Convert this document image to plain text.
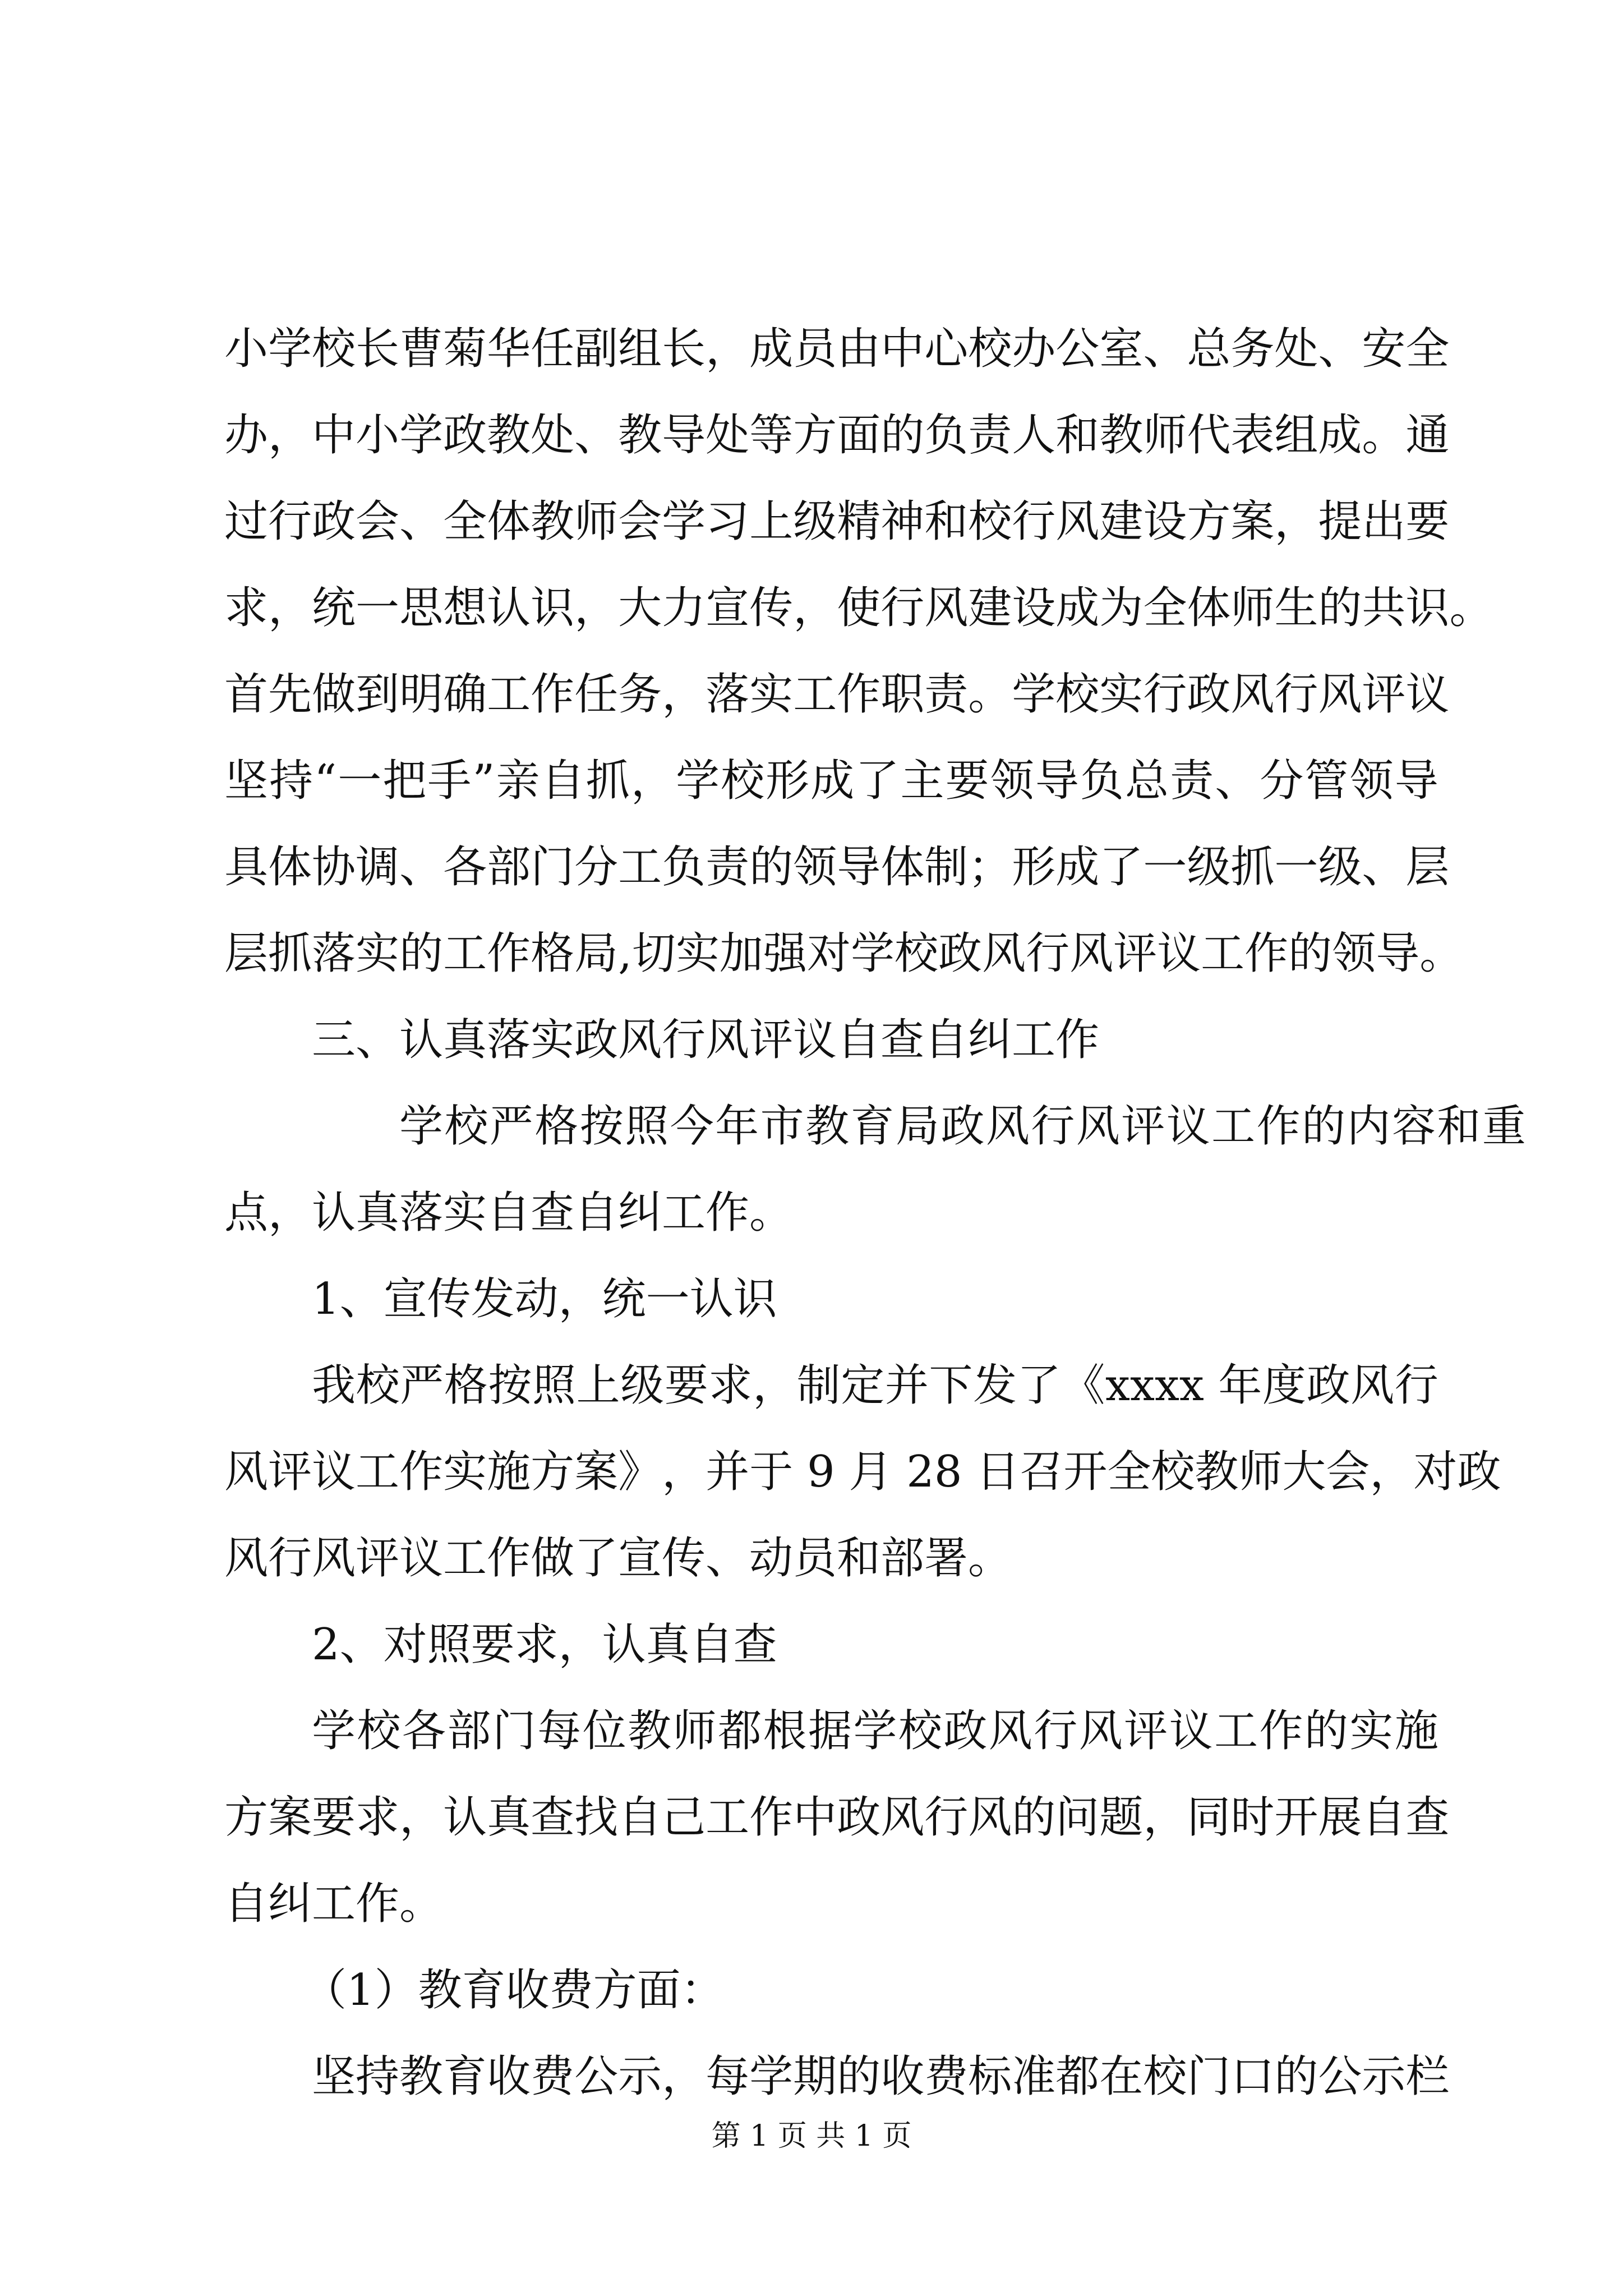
小 学 校 长 曹 菊 华 任 副 组 长 ， 成 员 由 中 心 校 办 公 室 、 总 务 处 、 安 全
办 ， 中 小 学 政 教 处 、 教 导 处 等 方 面 的 负 责 人 和 教 师 代 表 组 成 。 通
过 行 政 会 、 全 体 教 师 会 学 习 上 级 精 神 和 校 行 风 建 设 方 案 ， 提 出 要
求 ， 统 一 思 想 认 识 ， 大 力 宣 传 ， 使 行 风 建 设 成 为 全 体 师 生 的 共 识 。
首 先 做 到 明 确 工 作 任 务 ， 落 实 工 作 职 责 。 学 校 实 行 政 风 行 风 评 议
坚 持 “ 一 把 手 ” 亲 自 抓 ， 学 校 形 成 了 主 要 领 导 负 总 责 、 分 管 领 导
具 体 协 调 、 各 部 门 分 工 负 责 的 领 导 体 制 ； 形 成 了 一 级 抓 一 级 、 层
层 抓 落 实 的 工 作 格 局 , 切 实 加 强 对 学 校 政 风 行 风 评 议 工 作 的 领 导 。
三、认真落实政风行风评议自查自纠工作
学 校 严 格 按 照 今 年 市 教 育 局 政 风 行 风 评 议 工 作 的 内 容 和 重
点，认真落实自查自纠工作。
1、宣传发动，统一认识
我 校 严 格 按 照 上 级 要 求 ， 制 定 并 下 发 了 《 xxxx 年 度 政 风 行
风 评 议 工 作 实 施 方 案 》 ， 并 于
9 月
28 日 召 开 全 校 教 师 大 会 ， 对 政
风行风评议工作做了宣传、动员和部署。
2、对照要求，认真自查
学 校 各 部 门 每 位 教 师 都 根 据 学 校 政 风 行 风 评 议 工 作 的 实 施
方 案 要 求 ， 认 真 查 找 自 己 工 作 中 政 风 行 风 的 问 题 ， 同 时 开 展 自 查
自纠工作。
（1）教育收费方面：
坚 持 教 育 收 费 公 示 ， 每 学 期 的 收 费 标 准 都 在 校 门 口 的 公 示 栏
第 1 页 共 1 页
